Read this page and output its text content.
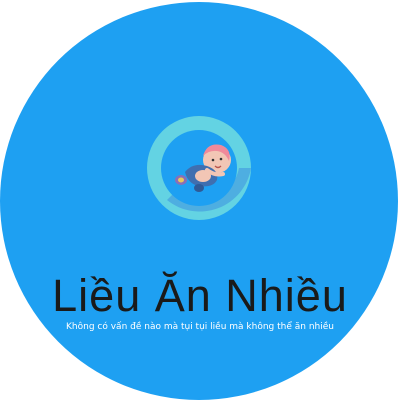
Liều Ăn Nhiều
Không có vấn đề nào mà tụi tụi liều mà không thể ăn nhiều
